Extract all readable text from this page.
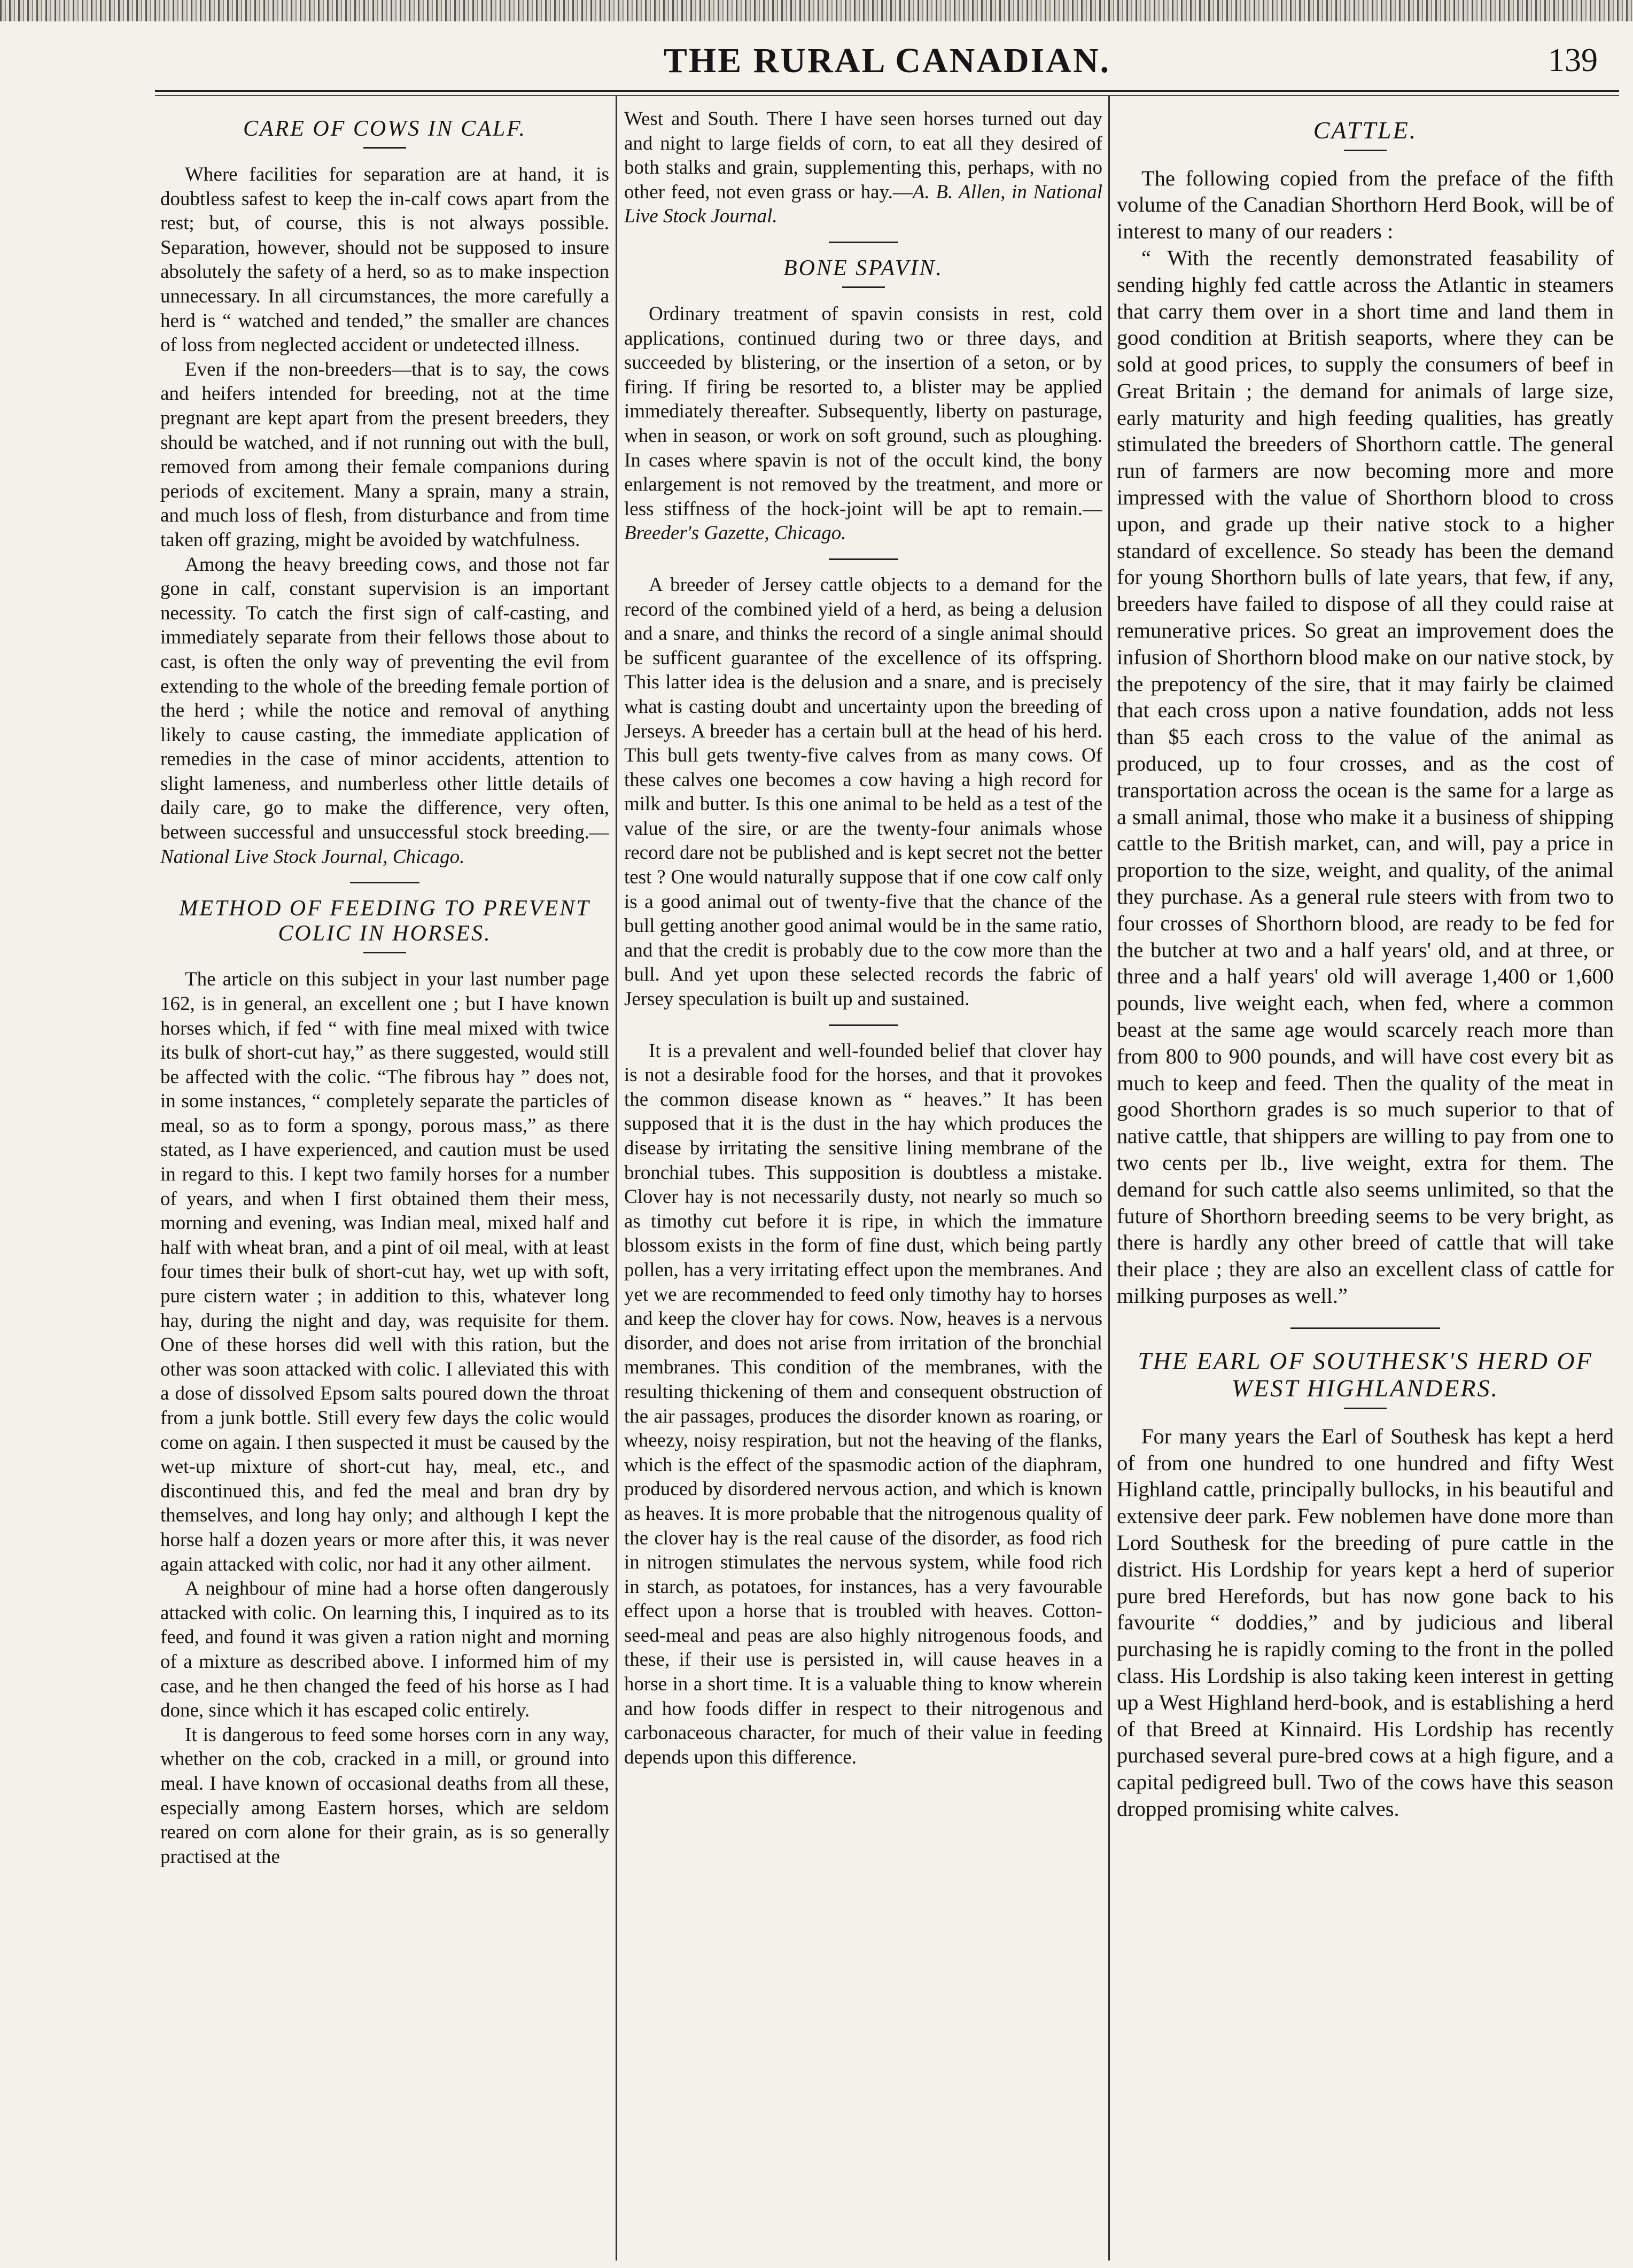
THE RURAL CANADIAN.	139
CARE OF COWS IN CALF.

Where facilities for separation are at hand, it is doubtless safest to keep the in-calf cows apart from the rest; but, of course, this is not always possible. Separation, however, should not be supposed to insure absolutely the safety of a herd, so as to make inspection unnecessary. In all circumstances, the more carefully a herd is “ watched and tended,” the smaller are chances of loss from neglected accident or undetected illness.

Even if the non-breeders—that is to say, the cows and heifers intended for breeding, not at the time pregnant are kept apart from the present breeders, they should be watched, and if not running out with the bull, removed from among their female companions during periods of excitement. Many a sprain, many a strain, and much loss of flesh, from disturbance and from time taken off grazing, might be avoided by watchfulness.

Among the heavy breeding cows, and those not far gone in calf, constant supervision is an important necessity. To catch the first sign of calf-casting, and immediately separate from their fellows those about to cast, is often the only way of preventing the evil from extending to the whole of the breeding female portion of the herd ; while the notice and removal of anything likely to cause casting, the immediate application of remedies in the case of minor accidents, attention to slight lameness, and numberless other little details of daily care, go to make the difference, very often, between successful and unsuccessful stock breeding.—National Live Stock Journal, Chicago.

METHOD OF FEEDING TO PREVENT COLIC IN HORSES.

The article on this subject in your last number page 162, is in general, an excellent one ; but I have known horses which, if fed “ with fine meal mixed with twice its bulk of short-cut hay,” as there suggested, would still be affected with the colic. “The fibrous hay ” does not, in some instances, “ completely separate the particles of meal, so as to form a spongy, porous mass,” as there stated, as I have experienced, and caution must be used in regard to this. I kept two family horses for a number of years, and when I first obtained them their mess, morning and evening, was Indian meal, mixed half and half with wheat bran, and a pint of oil meal, with at least four times their bulk of short-cut hay, wet up with soft, pure cistern water ; in addition to this, whatever long hay, during the night and day, was requisite for them. One of these horses did well with this ration, but the other was soon attacked with colic. I alleviated this with a dose of dissolved Epsom salts poured down the throat from a junk bottle. Still every few days the colic would come on again. I then suspected it must be caused by the wet-up mixture of short-cut hay, meal, etc., and discontinued this, and fed the meal and bran dry by themselves, and long hay only; and although I kept the horse half a dozen years or more after this, it was never again attacked with colic, nor had it any other ailment.

A neighbour of mine had a horse often dangerously attacked with colic. On learning this, I inquired as to its feed, and found it was given a ration night and morning of a mixture as described above. I informed him of my case, and he then changed the feed of his horse as I had done, since which it has escaped colic entirely.

It is dangerous to feed some horses corn in any way, whether on the cob, cracked in a mill, or ground into meal. I have known of occasional deaths from all these, especially among Eastern horses, which are seldom reared on corn alone for their grain, as is so generally practised at the

West and South. There I have seen horses turned out day and night to large fields of corn, to eat all they desired of both stalks and grain, supplementing this, perhaps, with no other feed, not even grass or hay.—A. B. Allen, in National Live Stock Journal.

BONE SPAVIN.

Ordinary treatment of spavin consists in rest, cold applications, continued during two or three days, and succeeded by blistering, or the insertion of a seton, or by firing. If firing be resorted to, a blister may be applied immediately thereafter. Subsequently, liberty on pasturage, when in season, or work on soft ground, such as ploughing. In cases where spavin is not of the occult kind, the bony enlargement is not removed by the treatment, and more or less stiffness of the hock-joint will be apt to remain.—Breeder's Gazette, Chicago.

A breeder of Jersey cattle objects to a demand for the record of the combined yield of a herd, as being a delusion and a snare, and thinks the record of a single animal should be sufficent guarantee of the excellence of its offspring. This latter idea is the delusion and a snare, and is precisely what is casting doubt and uncertainty upon the breeding of Jerseys. A breeder has a certain bull at the head of his herd. This bull gets twenty-five calves from as many cows. Of these calves one becomes a cow having a high record for milk and butter. Is this one animal to be held as a test of the value of the sire, or are the twenty-four animals whose record dare not be published and is kept secret not the better test ? One would naturally suppose that if one cow calf only is a good animal out of twenty-five that the chance of the bull getting another good animal would be in the same ratio, and that the credit is probably due to the cow more than the bull. And yet upon these selected records the fabric of Jersey speculation is built up and sustained.

It is a prevalent and well-founded belief that clover hay is not a desirable food for the horses, and that it provokes the common disease known as “ heaves.” It has been supposed that it is the dust in the hay which produces the disease by irritating the sensitive lining membrane of the bronchial tubes. This supposition is doubtless a mistake. Clover hay is not necessarily dusty, not nearly so much so as timothy cut before it is ripe, in which the immature blossom exists in the form of fine dust, which being partly pollen, has a very irritating effect upon the membranes. And yet we are recommended to feed only timothy hay to horses and keep the clover hay for cows. Now, heaves is a nervous disorder, and does not arise from irritation of the bronchial membranes. This condition of the membranes, with the resulting thickening of them and consequent obstruction of the air passages, produces the disorder known as roaring, or wheezy, noisy respiration, but not the heaving of the flanks, which is the effect of the spasmodic action of the diaphram, produced by disordered nervous action, and which is known as heaves. It is more probable that the nitrogenous quality of the clover hay is the real cause of the disorder, as food rich in nitrogen stimulates the nervous system, while food rich in starch, as potatoes, for instances, has a very favourable effect upon a horse that is troubled with heaves. Cotton-seed-meal and peas are also highly nitrogenous foods, and these, if their use is persisted in, will cause heaves in a horse in a short time. It is a valuable thing to know wherein and how foods differ in respect to their nitrogenous and carbonaceous character, for much of their value in feeding depends upon this difference.

CATTLE.

The following copied from the preface of the fifth volume of the Canadian Shorthorn Herd Book, will be of interest to many of our readers :

“ With the recently demonstrated feasability of sending highly fed cattle across the Atlantic in steamers that carry them over in a short time and land them in good condition at British seaports, where they can be sold at good prices, to supply the consumers of beef in Great Britain ; the demand for animals of large size, early maturity and high feeding qualities, has greatly stimulated the breeders of Shorthorn cattle. The general run of farmers are now becoming more and more impressed with the value of Shorthorn blood to cross upon, and grade up their native stock to a higher standard of excellence. So steady has been the demand for young Shorthorn bulls of late years, that few, if any, breeders have failed to dispose of all they could raise at remunerative prices. So great an improvement does the infusion of Shorthorn blood make on our native stock, by the prepotency of the sire, that it may fairly be claimed that each cross upon a native foundation, adds not less than $5 each cross to the value of the animal as produced, up to four crosses, and as the cost of transportation across the ocean is the same for a large as a small animal, those who make it a business of shipping cattle to the British market, can, and will, pay a price in proportion to the size, weight, and quality, of the animal they purchase. As a general rule steers with from two to four crosses of Shorthorn blood, are ready to be fed for the butcher at two and a half years' old, and at three, or three and a half years' old will average 1,400 or 1,600 pounds, live weight each, when fed, where a common beast at the same age would scarcely reach more than from 800 to 900 pounds, and will have cost every bit as much to keep and feed. Then the quality of the meat in good Shorthorn grades is so much superior to that of native cattle, that shippers are willing to pay from one to two cents per lb., live weight, extra for them. The demand for such cattle also seems unlimited, so that the future of Shorthorn breeding seems to be very bright, as there is hardly any other breed of cattle that will take their place ; they are also an excellent class of cattle for milking purposes as well.”

THE EARL OF SOUTHESK'S HERD OF WEST HIGHLANDERS.

For many years the Earl of Southesk has kept a herd of from one hundred to one hundred and fifty West Highland cattle, principally bullocks, in his beautiful and extensive deer park. Few noblemen have done more than Lord Southesk for the breeding of pure cattle in the district. His Lordship for years kept a herd of superior pure bred Herefords, but has now gone back to his favourite “ doddies,” and by judicious and liberal purchasing he is rapidly coming to the front in the polled class. His Lordship is also taking keen interest in getting up a West Highland herd-book, and is establishing a herd of that Breed at Kinnaird. His Lordship has recently purchased several pure-bred cows at a high figure, and a capital pedigreed bull. Two of the cows have this season dropped promising white calves.
